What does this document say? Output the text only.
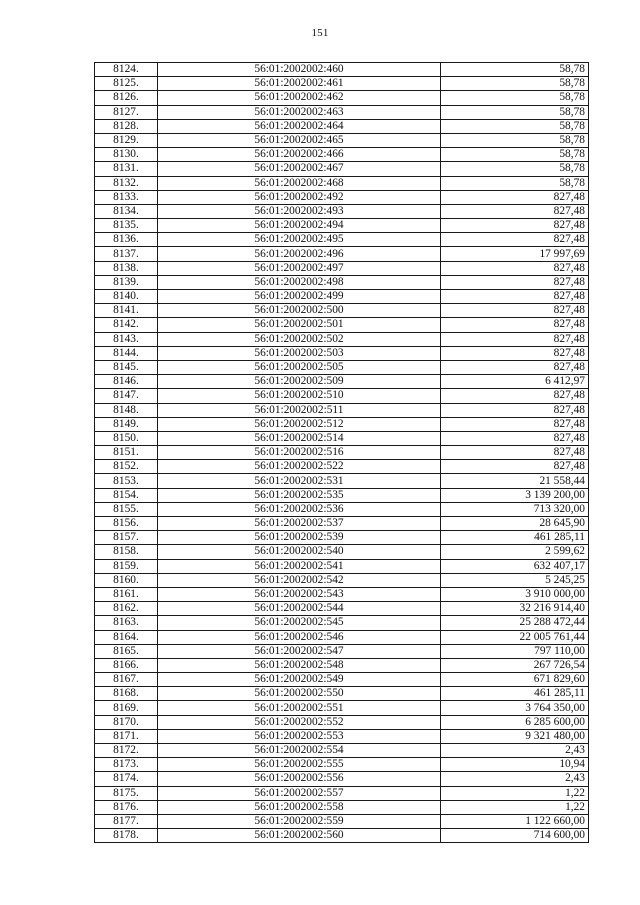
151
8124.	56:01:2002002:460	58,78
8125.	56:01:2002002:461	58,78
8126.	56:01:2002002:462	58,78
8127.	56:01:2002002:463	58,78
8128.	56:01:2002002:464	58,78
8129.	56:01:2002002:465	58,78
8130.	56:01:2002002:466	58,78
8131.	56:01:2002002:467	58,78
8132.	56:01:2002002:468	58,78
8133.	56:01:2002002:492	827,48
8134.	56:01:2002002:493	827,48
8135.	56:01:2002002:494	827,48
8136.	56:01:2002002:495	827,48
8137.	56:01:2002002:496	17 997,69
8138.	56:01:2002002:497	827,48
8139.	56:01:2002002:498	827,48
8140.	56:01:2002002:499	827,48
8141.	56:01:2002002:500	827,48
8142.	56:01:2002002:501	827,48
8143.	56:01:2002002:502	827,48
8144.	56:01:2002002:503	827,48
8145.	56:01:2002002:505	827,48
8146.	56:01:2002002:509	6 412,97
8147.	56:01:2002002:510	827,48
8148.	56:01:2002002:511	827,48
8149.	56:01:2002002:512	827,48
8150.	56:01:2002002:514	827,48
8151.	56:01:2002002:516	827,48
8152.	56:01:2002002:522	827,48
8153.	56:01:2002002:531	21 558,44
8154.	56:01:2002002:535	3 139 200,00
8155.	56:01:2002002:536	713 320,00
8156.	56:01:2002002:537	28 645,90
8157.	56:01:2002002:539	461 285,11
8158.	56:01:2002002:540	2 599,62
8159.	56:01:2002002:541	632 407,17
8160.	56:01:2002002:542	5 245,25
8161.	56:01:2002002:543	3 910 000,00
8162.	56:01:2002002:544	32 216 914,40
8163.	56:01:2002002:545	25 288 472,44
8164.	56:01:2002002:546	22 005 761,44
8165.	56:01:2002002:547	797 110,00
8166.	56:01:2002002:548	267 726,54
8167.	56:01:2002002:549	671 829,60
8168.	56:01:2002002:550	461 285,11
8169.	56:01:2002002:551	3 764 350,00
8170.	56:01:2002002:552	6 285 600,00
8171.	56:01:2002002:553	9 321 480,00
8172.	56:01:2002002:554	2,43
8173.	56:01:2002002:555	10,94
8174.	56:01:2002002:556	2,43
8175.	56:01:2002002:557	1,22
8176.	56:01:2002002:558	1,22
8177.	56:01:2002002:559	1 122 660,00
8178.	56:01:2002002:560	714 600,00
